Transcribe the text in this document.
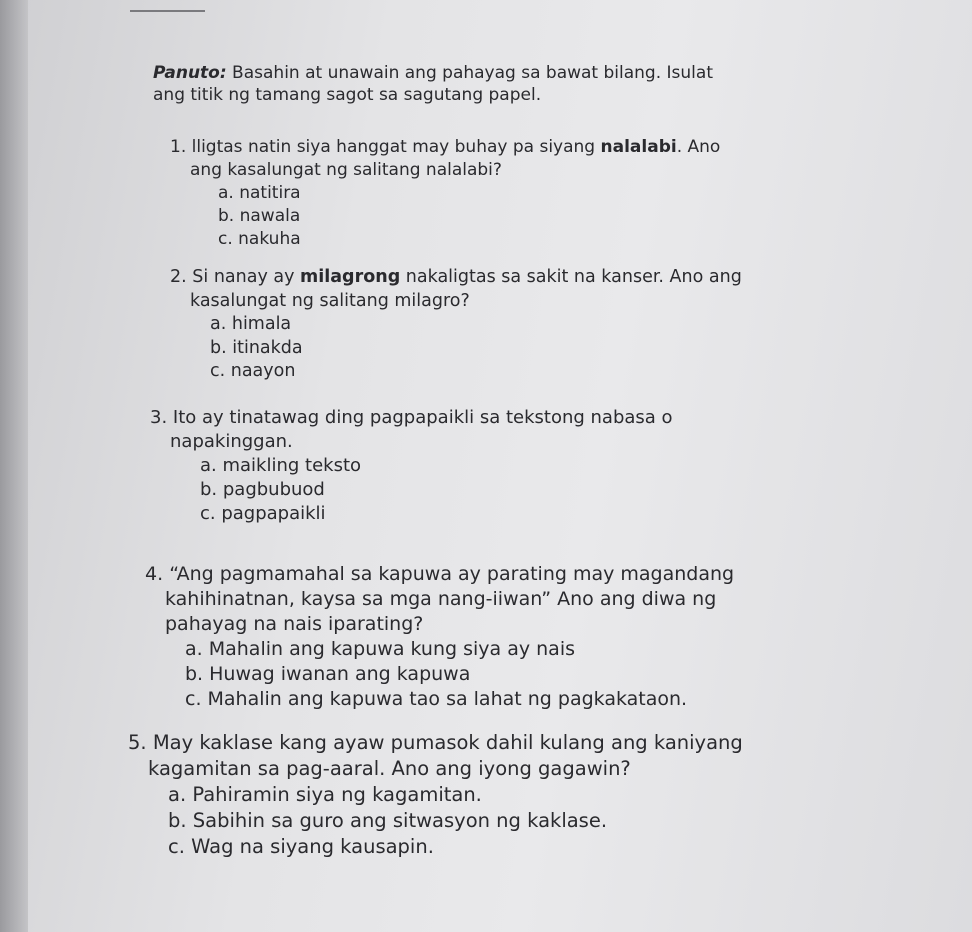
Panuto: Basahin at unawain ang pahayag sa bawat bilang. Isulat
ang titik ng tamang sagot sa sagutang papel.
1. lligtas natin siya hanggat may buhay pa siyang nalalabi. Ano
ang kasalungat ng salitang nalalabi?
a. natitira
b. nawala
c. nakuha
2. Si nanay ay milagrong nakaligtas sa sakit na kanser. Ano ang
kasalungat ng salitang milagro?
a. himala
b. itinakda
c. naayon
3. Ito ay tinatawag ding pagpapaikli sa tekstong nabasa o
napakinggan.
a. maikling teksto
b. pagbubuod
c. pagpapaikli
4. “Ang pagmamahal sa kapuwa ay parating may magandang
kahihinatnan, kaysa sa mga nang-iiwan” Ano ang diwa ng
pahayag na nais iparating?
a. Mahalin ang kapuwa kung siya ay nais
b. Huwag iwanan ang kapuwa
c. Mahalin ang kapuwa tao sa lahat ng pagkakataon.
5. May kaklase kang ayaw pumasok dahil kulang ang kaniyang
kagamitan sa pag-aaral. Ano ang iyong gagawin?
a. Pahiramin siya ng kagamitan.
b. Sabihin sa guro ang sitwasyon ng kaklase.
c. Wag na siyang kausapin.
